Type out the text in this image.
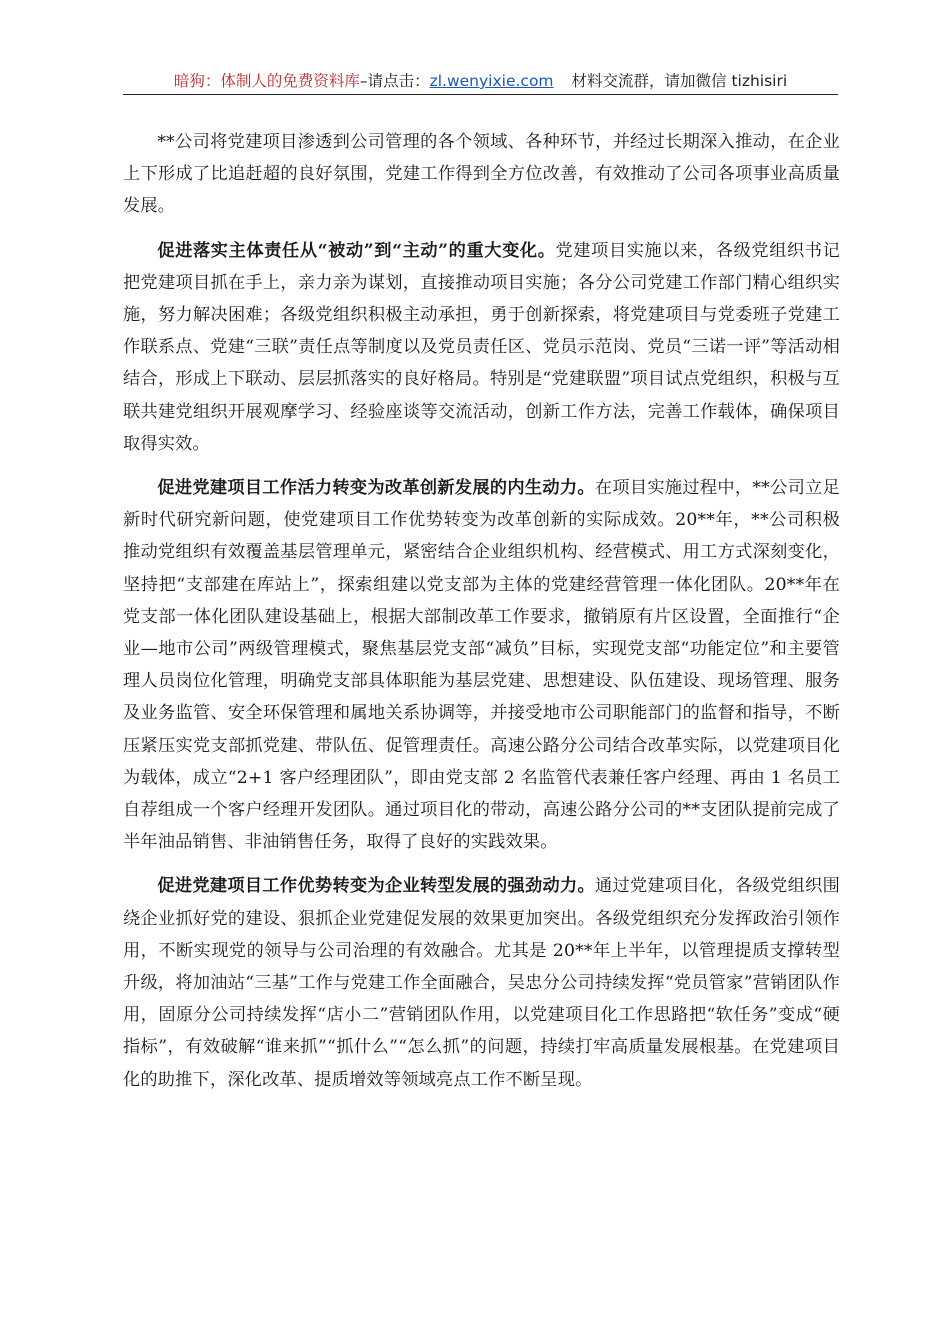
暗狗：体制人的免费资料库–请点击：zl.wenyixie.com 材料交流群，请加微信 tizhisiri

**公司将党建项目渗透到公司管理的各个领域、各种环节，并经过长期深入推动，在企业上下形成了比追赶超的良好氛围，党建工作得到全方位改善，有效推动了公司各项事业高质量发展。

促进落实主体责任从“被动”到“主动”的重大变化。党建项目实施以来，各级党组织书记把党建项目抓在手上，亲力亲为谋划，直接推动项目实施；各分公司党建工作部门精心组织实施，努力解决困难；各级党组织积极主动承担，勇于创新探索，将党建项目与党委班子党建工作联系点、党建“三联”责任点等制度以及党员责任区、党员示范岗、党员“三诺一评”等活动相结合，形成上下联动、层层抓落实的良好格局。特别是“党建联盟”项目试点党组织，积极与互联共建党组织开展观摩学习、经验座谈等交流活动，创新工作方法，完善工作载体，确保项目取得实效。

促进党建项目工作活力转变为改革创新发展的内生动力。在项目实施过程中，**公司立足新时代研究新问题，使党建项目工作优势转变为改革创新的实际成效。20**年，**公司积极推动党组织有效覆盖基层管理单元，紧密结合企业组织机构、经营模式、用工方式深刻变化，坚持把“支部建在库站上”，探索组建以党支部为主体的党建经营管理一体化团队。20**年在党支部一体化团队建设基础上，根据大部制改革工作要求，撤销原有片区设置，全面推行“企业—地市公司”两级管理模式，聚焦基层党支部“减负”目标，实现党支部“功能定位”和主要管理人员岗位化管理，明确党支部具体职能为基层党建、思想建设、队伍建设、现场管理、服务及业务监管、安全环保管理和属地关系协调等，并接受地市公司职能部门的监督和指导，不断压紧压实党支部抓党建、带队伍、促管理责任。高速公路分公司结合改革实际，以党建项目化为载体，成立“2+1 客户经理团队”，即由党支部 2 名监管代表兼任客户经理、再由 1 名员工自荐组成一个客户经理开发团队。通过项目化的带动，高速公路分公司的**支团队提前完成了半年油品销售、非油销售任务，取得了良好的实践效果。

促进党建项目工作优势转变为企业转型发展的强劲动力。通过党建项目化，各级党组织围绕企业抓好党的建设、狠抓企业党建促发展的效果更加突出。各级党组织充分发挥政治引领作用，不断实现党的领导与公司治理的有效融合。尤其是 20**年上半年，以管理提质支撑转型升级，将加油站“三基”工作与党建工作全面融合，吴忠分公司持续发挥“党员管家”营销团队作用，固原分公司持续发挥“店小二”营销团队作用，以党建项目化工作思路把“软任务”变成“硬指标”，有效破解“谁来抓”“抓什么”“怎么抓”的问题，持续打牢高质量发展根基。在党建项目化的助推下，深化改革、提质增效等领域亮点工作不断呈现。
